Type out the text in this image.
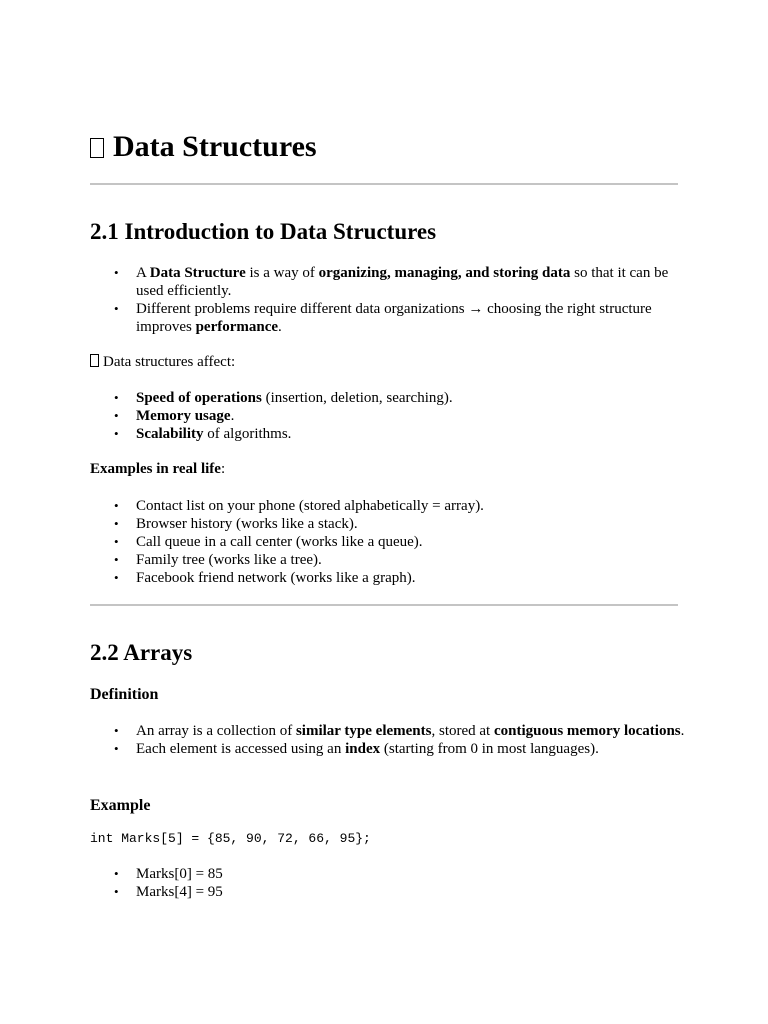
Data Structures
2.1 Introduction to Data Structures
• A Data Structure is a way of organizing, managing, and storing data so that it can be used efficiently.
• Different problems require different data organizations → choosing the right structure improves performance.

Data structures affect:

• Speed of operations (insertion, deletion, searching).
• Memory usage.
• Scalability of algorithms.

Examples in real life:

• Contact list on your phone (stored alphabetically = array).
• Browser history (works like a stack).
• Call queue in a call center (works like a queue).
• Family tree (works like a tree).
• Facebook friend network (works like a graph).
2.2 Arrays
Definition
• An array is a collection of similar type elements, stored at contiguous memory locations.
• Each element is accessed using an index (starting from 0 in most languages).
Example
int Marks[5] = {85, 90, 72, 66, 95};
• Marks[0] = 85
• Marks[4] = 95
